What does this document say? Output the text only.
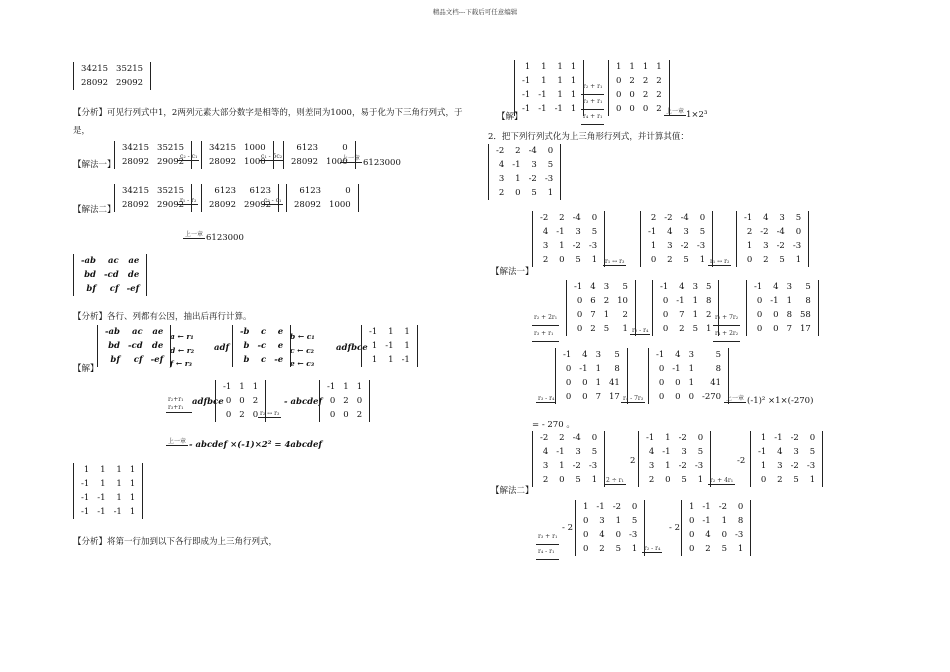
精品文档---下载后可任意编辑
34215	35215
28092	29092
【分析】可见行列式中1，2两列元素大部分数字是相等的，则差同为1000，易于化为下三角行列式，于
是，
【解法一】
34215	35215
28092	29092
c₂ - c₁
34215	1000
28092	1000
c₁ - 5c₂
6123	0
28092	1000
上一章 6123000
【解法二】
34215	35215
28092	29092
r₁ - r₂
6123	6123
28092	29092
c₂ - c₁
6123	0
28092	1000
上一章 6123000
-ab	ac	ae
bd	-cd	de
bf	cf	-ef
【分析】各行、列都有公因，抽出后再行计算。
【解】
-ab	ac	ae
bd	-cd	de
bf	cf	-ef
a ← r₁
d ← r₂
f ← r₃
adf
-b	c	e
b	-c	e
b	c	-e
b ← c₁
c ← c₂
e ← c₃
adfbce
-1	1	1
1	-1	1
1	1	-1
r₂+r₁ r₃+r₁
adfbce
-1	1	1
0	0	2
0	2	0 r₂ ↔ r₃
- abcdef
-1	1	1
0	2	0
0	0	2
上一章 - abcdef ×(-1)×2² = 4abcdef
1	1	1	1
-1	1	1	1
-1	-1	1	1
-1	-1	-1	1
【分析】将第一行加到以下各行即成为上三角行列式，
【解】
1	1	1	1
-1	1	1	1
-1	-1	1	1
-1	-1	-1	1
r₂ + r₁
r₃ + r₁
r₄ + r₁
1	1	1	1
0	2	2	2
0	0	2	2
0	0	0	2 上一章 1×2³
2．把下列行列式化为上三角形行列式，并计算其值：
-2	2	-4	0
4	-1	3	5
3	1	-2	-3
2	0	5	1
【解法一】
-2	2	-4	0
4	-1	3	5
3	1	-2	-3
2	0	5	1	r₁ ↔ r₃
2	-2	-4	0
-1	4	3	5
1	3	-2	-3
0	2	5	1 r₁ ↔ r₂
-1	4	3	5
2	-2	-4	0
1	3	-2	-3
0	2	5	1
r₂ + 2r₁
r₃ + r₁
-1	4	3	5
0	6	2	10
0	7	1	2
0	2	5	1 r₂ - r₄
-1	4	3	5
0	-1	1	8
0	7	1	2
0	2	5	1
r₃ + 7r₂
r₄ + 2r₂
-1	4	3	5
0	-1	1	8
0	0	8	58
0	0	7	17
r₃ - r₄
-1	4	3	5
0	-1	1	8
0	0	1	41
0	0	7	17 r₄ - 7r₃
-1	4	3	5
0	-1	1	8
0	0	1	41
0	0	0	-270 上一章 (-1)² ×1×(-270)
= - 270 。
【解法二】
-2	2	-4	0
4	-1	3	5
3	1	-2	-3
2	0	5	1	2 ÷ r₁
2
-1	1	-2	0
4	-1	3	5
3	1	-2	-3
2	0	5	1	r₂ + 4r₁
-2
1	-1	-2	0
-1	4	3	5
1	3	-2	-3
0	2	5	1
r₃ + r₁
r₄ - r₁
- 2
1	-1	-2	0
0	3	1	5
0	4	0	-3
0	2	5	1	r₂ - r₄
- 2
1	-1	-2	0
0	-1	1	8
0	4	0	-3
0	2	5	1
